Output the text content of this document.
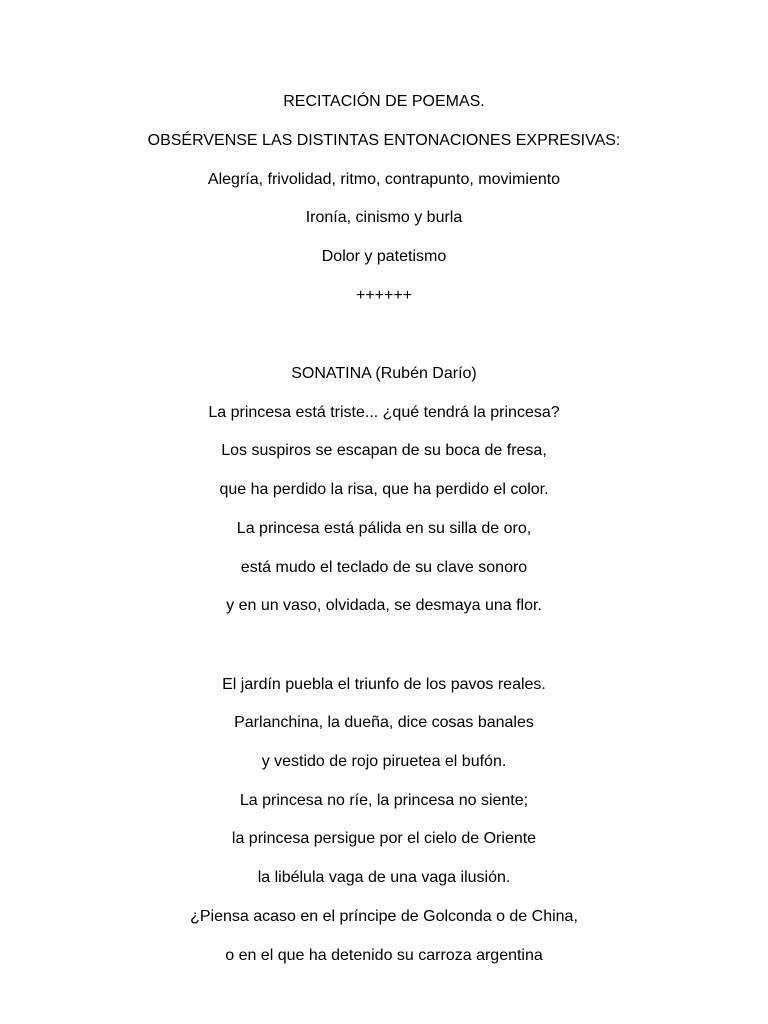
RECITACIÓN DE POEMAS.
OBSÉRVENSE LAS DISTINTAS ENTONACIONES EXPRESIVAS:
Alegría, frivolidad, ritmo, contrapunto, movimiento
Ironía, cinismo y burla
Dolor y patetismo
++++++
SONATINA (Rubén Darío)
La princesa está triste... ¿qué tendrá la princesa?
Los suspiros se escapan de su boca de fresa,
que ha perdido la risa, que ha perdido el color.
La princesa está pálida en su silla de oro,
está mudo el teclado de su clave sonoro
y en un vaso, olvidada, se desmaya una flor.
El jardín puebla el triunfo de los pavos reales.
Parlanchina, la dueña, dice cosas banales
y vestido de rojo piruetea el bufón.
La princesa no ríe, la princesa no siente;
la princesa persigue por el cielo de Oriente
la libélula vaga de una vaga ilusión.
¿Piensa acaso en el príncipe de Golconda o de China,
o en el que ha detenido su carroza argentina
